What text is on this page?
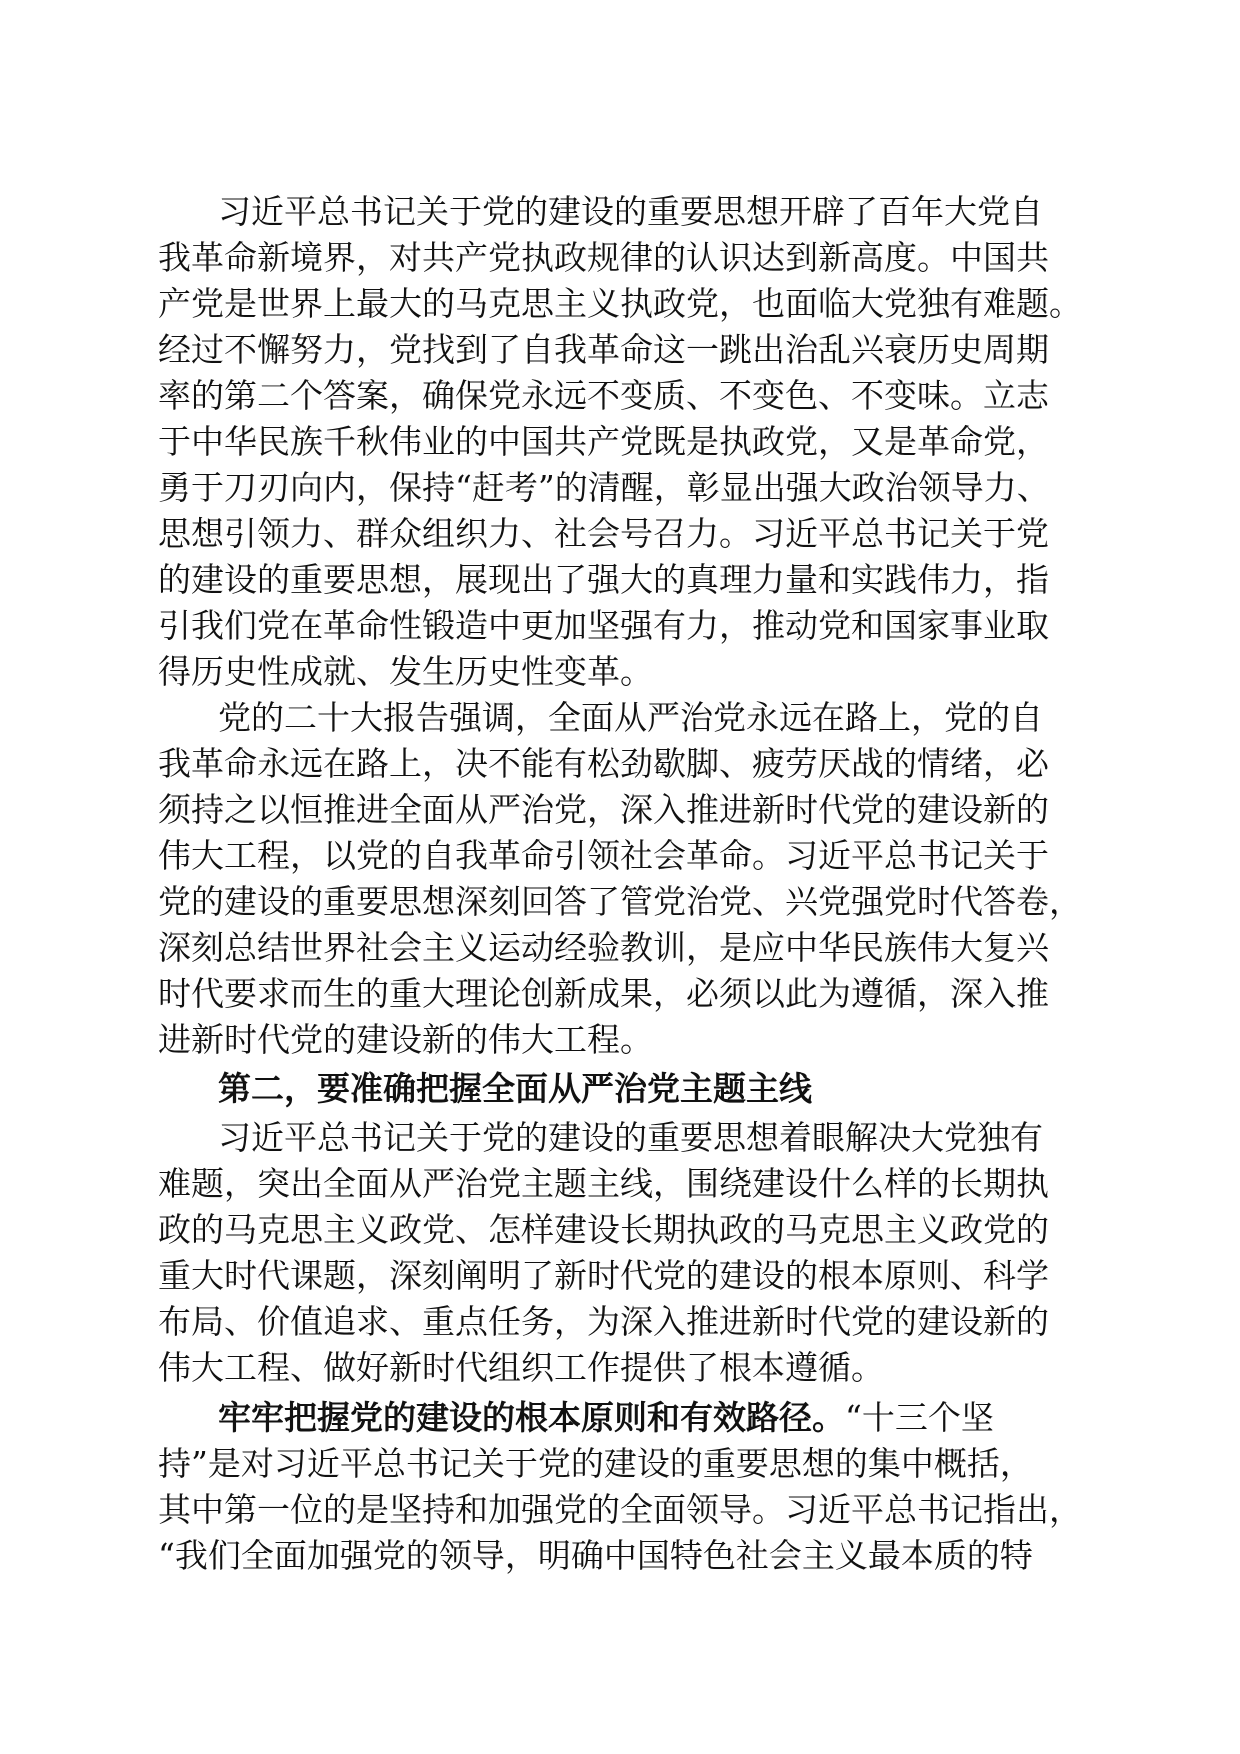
习近平总书记关于党的建设的重要思想开辟了百年大党自
我革命新境界，对共产党执政规律的认识达到新高度。中国共
产党是世界上最大的马克思主义执政党，也面临大党独有难题。
经过不懈努力，党找到了自我革命这一跳出治乱兴衰历史周期
率的第二个答案，确保党永远不变质、不变色、不变味。立志
于中华民族千秋伟业的中国共产党既是执政党，又是革命党，
勇于刀刃向内，保持“赶考”的清醒，彰显出强大政治领导力、
思想引领力、群众组织力、社会号召力。习近平总书记关于党
的建设的重要思想，展现出了强大的真理力量和实践伟力，指
引我们党在革命性锻造中更加坚强有力，推动党和国家事业取
得历史性成就、发生历史性变革。
党的二十大报告强调，全面从严治党永远在路上，党的自
我革命永远在路上，决不能有松劲歇脚、疲劳厌战的情绪，必
须持之以恒推进全面从严治党，深入推进新时代党的建设新的
伟大工程，以党的自我革命引领社会革命。习近平总书记关于
党的建设的重要思想深刻回答了管党治党、兴党强党时代答卷，
深刻总结世界社会主义运动经验教训，是应中华民族伟大复兴
时代要求而生的重大理论创新成果，必须以此为遵循，深入推
进新时代党的建设新的伟大工程。
第二，要准确把握全面从严治党主题主线
习近平总书记关于党的建设的重要思想着眼解决大党独有
难题，突出全面从严治党主题主线，围绕建设什么样的长期执
政的马克思主义政党、怎样建设长期执政的马克思主义政党的
重大时代课题，深刻阐明了新时代党的建设的根本原则、科学
布局、价值追求、重点任务，为深入推进新时代党的建设新的
伟大工程、做好新时代组织工作提供了根本遵循。
牢牢把握党的建设的根本原则和有效路径。“十三个坚
持”是对习近平总书记关于党的建设的重要思想的集中概括，
其中第一位的是坚持和加强党的全面领导。习近平总书记指出，
“我们全面加强党的领导，明确中国特色社会主义最本质的特
